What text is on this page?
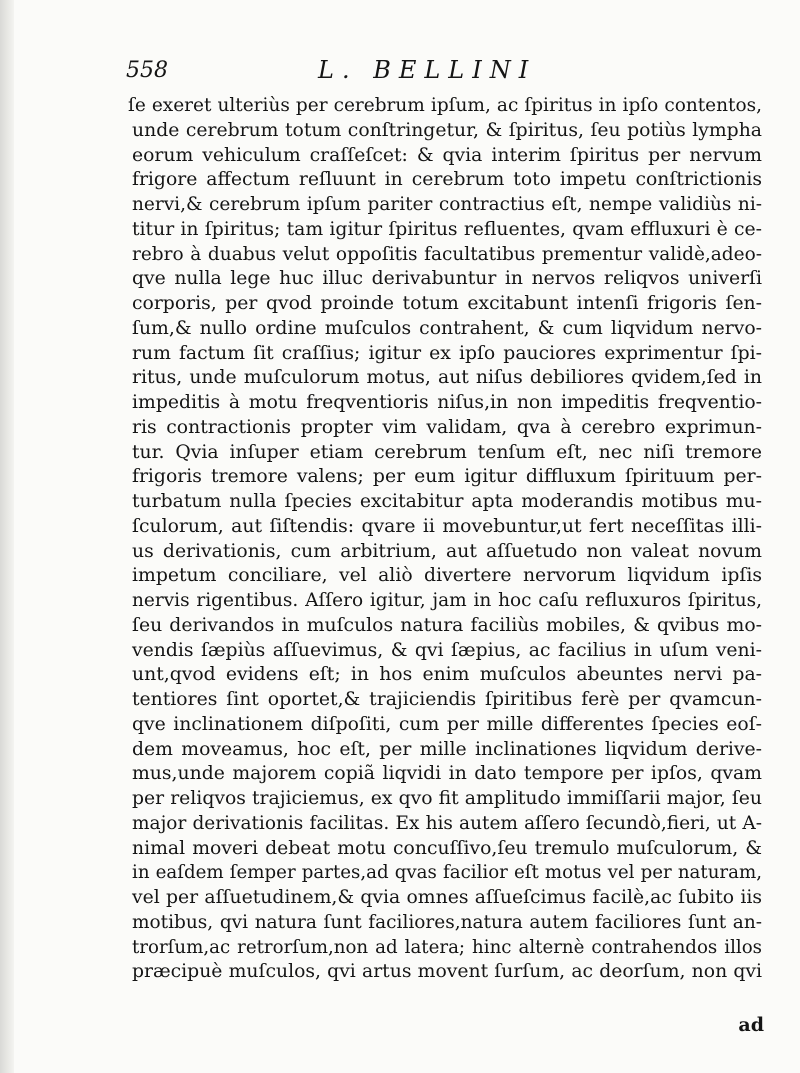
558	L. BELLINI
ſe exeret ulteriùs per cerebrum ipſum, ac ſpiritus in ipſo contentos,
unde cerebrum totum conſtringetur, & ſpiritus, ſeu potiùs lympha
eorum vehiculum craſſeſcet: & qvia interim ſpiritus per nervum
frigore affectum reſluunt in cerebrum toto impetu conſtrictionis
nervi,& cerebrum ipſum pariter contractius eſt, nempe validiùs ni-
titur in ſpiritus; tam igitur ſpiritus refluentes, qvam effluxuri è ce-
rebro à duabus velut oppoſitis facultatibus prementur validè,adeo-
qve nulla lege huc illuc derivabuntur in nervos reliqvos univerſi
corporis, per qvod proinde totum excitabunt intenſi frigoris ſen-
ſum,& nullo ordine muſculos contrahent, & cum liqvidum nervo-
rum factum ſit craſſius; igitur ex ipſo pauciores exprimentur ſpi-
ritus, unde muſculorum motus, aut niſus debiliores qvidem,ſed in
impeditis à motu freqventioris niſus,in non impeditis freqventio-
ris contractionis propter vim validam, qva à cerebro exprimun-
tur. Qvia inſuper etiam cerebrum tenſum eſt, nec niſi tremore
frigoris tremore valens; per eum igitur diffluxum ſpirituum per-
turbatum nulla ſpecies excitabitur apta moderandis motibus mu-
ſculorum, aut ſiſtendis: qvare ii movebuntur,ut fert neceſſitas illi-
us derivationis, cum arbitrium, aut aſſuetudo non valeat novum
impetum conciliare, vel aliò divertere nervorum liqvidum ipſis
nervis rigentibus. Aſſero igitur, jam in hoc caſu refluxuros ſpiritus,
ſeu derivandos in muſculos natura faciliùs mobiles, & qvibus mo-
vendis ſæpiùs aſſuevimus, & qvi ſæpius, ac facilius in uſum veni-
unt,qvod evidens eſt; in hos enim muſculos abeuntes nervi pa-
tentiores ſint oportet,& trajiciendis ſpiritibus ferè per qvamcun-
qve inclinationem diſpoſiti, cum per mille differentes ſpecies eoſ-
dem moveamus, hoc eſt, per mille inclinationes liqvidum derive-
mus,unde majorem copiã liqvidi in dato tempore per ipſos, qvam
per reliqvos trajiciemus, ex qvo fit amplitudo immiſſarii major, ſeu
major derivationis facilitas. Ex his autem aſſero ſecundò,fieri, ut A-
nimal moveri debeat motu concuſſivo,ſeu tremulo muſculorum, &
in eaſdem ſemper partes,ad qvas facilior eſt motus vel per naturam,
vel per aſſuetudinem,& qvia omnes aſſueſcimus facilè,ac ſubito iis
motibus, qvi natura ſunt faciliores,natura autem faciliores ſunt an-
trorſum,ac retrorſum,non ad latera; hinc alternè contrahendos illos
præcipuè muſculos, qvi artus movent ſurſum, ac deorſum, non qvi
ad
